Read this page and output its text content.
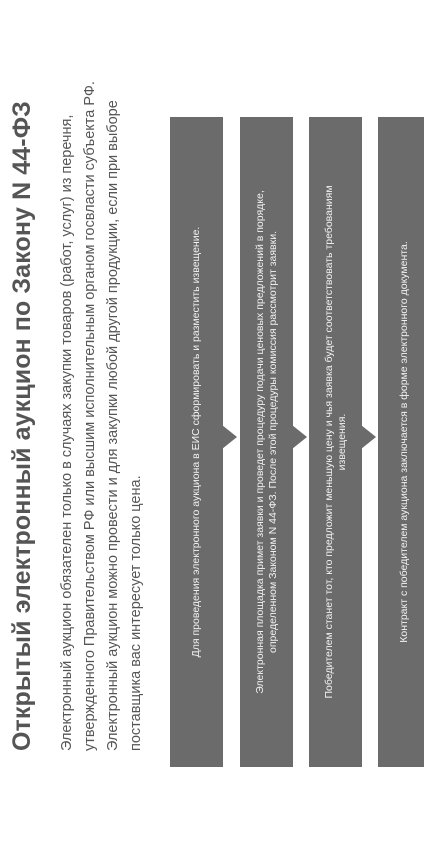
Открытый электронный аукцион по Закону N 44-ФЗ Электронный аукцион обязателен только в случаях закупки товаров (работ, услуг) из перечня, утвержденного Правительством РФ или высшим исполнительным органом госвласти субъекта РФ. Электронный аукцион можно провести и для закупки любой другой продукции, если при выборе поставщика вас интересует только цена.	Для проведения электронного аукциона в ЕИС сформировать и разместить извещение.	Электронная площадка примет заявки и проведет процедуру подачи ценовых предложений в порядке, определенном Законом N 44-ФЗ. После этой процедуры комиссия рассмотрит заявки.	Победителем станет тот, кто предложит меньшую цену и чья заявка будет соответствовать требованиям извещения.	Контракт с победителем аукциона заключается в форме электронного документа.
